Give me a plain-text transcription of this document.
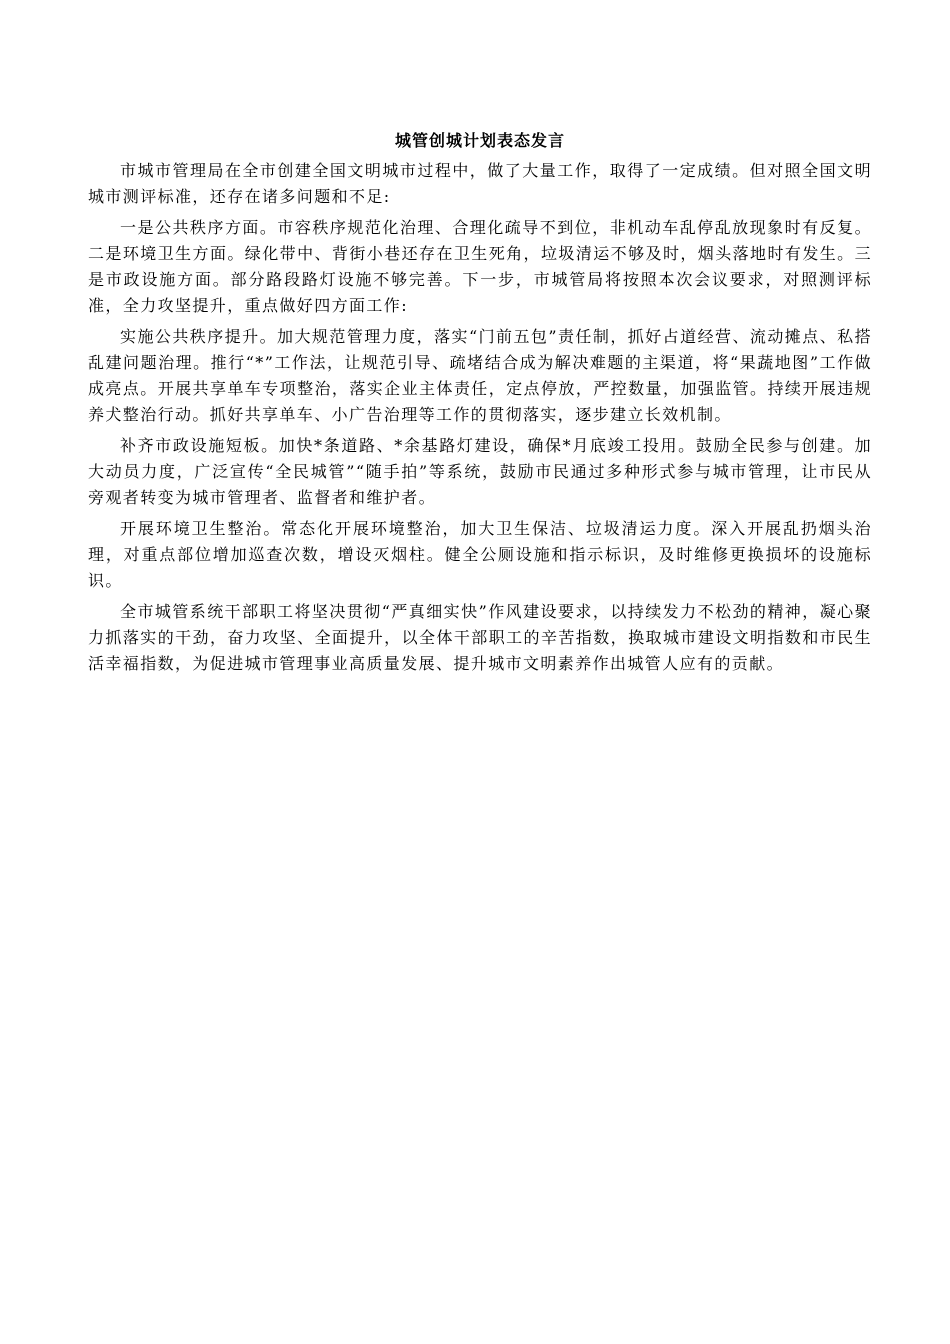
城管创城计划表态发言

市城市管理局在全市创建全国文明城市过程中，做了大量工作，取得了一定成绩。但对照全国文明城市测评标准，还存在诸多问题和不足:

一是公共秩序方面。市容秩序规范化治理、合理化疏导不到位，非机动车乱停乱放现象时有反复。二是环境卫生方面。绿化带中、背街小巷还存在卫生死角，垃圾清运不够及时，烟头落地时有发生。三是市政设施方面。部分路段路灯设施不够完善。下一步，市城管局将按照本次会议要求，对照测评标准，全力攻坚提升，重点做好四方面工作:

实施公共秩序提升。加大规范管理力度，落实“门前五包”责任制，抓好占道经营、流动摊点、私搭乱建问题治理。推行“*”工作法，让规范引导、疏堵结合成为解决难题的主渠道，将“果蔬地图”工作做成亮点。开展共享单车专项整治，落实企业主体责任，定点停放，严控数量，加强监管。持续开展违规养犬整治行动。抓好共享单车、小广告治理等工作的贯彻落实，逐步建立长效机制。

补齐市政设施短板。加快*条道路、*余基路灯建设，确保*月底竣工投用。鼓励全民参与创建。加大动员力度，广泛宣传“全民城管”“随手拍”等系统，鼓励市民通过多种形式参与城市管理，让市民从旁观者转变为城市管理者、监督者和维护者。

开展环境卫生整治。常态化开展环境整治，加大卫生保洁、垃圾清运力度。深入开展乱扔烟头治理，对重点部位增加巡查次数，增设灭烟柱。健全公厕设施和指示标识，及时维修更换损坏的设施标识。

全市城管系统干部职工将坚决贯彻“严真细实快”作风建设要求，以持续发力不松劲的精神，凝心聚力抓落实的干劲，奋力攻坚、全面提升，以全体干部职工的辛苦指数，换取城市建设文明指数和市民生活幸福指数，为促进城市管理事业高质量发展、提升城市文明素养作出城管人应有的贡献。
